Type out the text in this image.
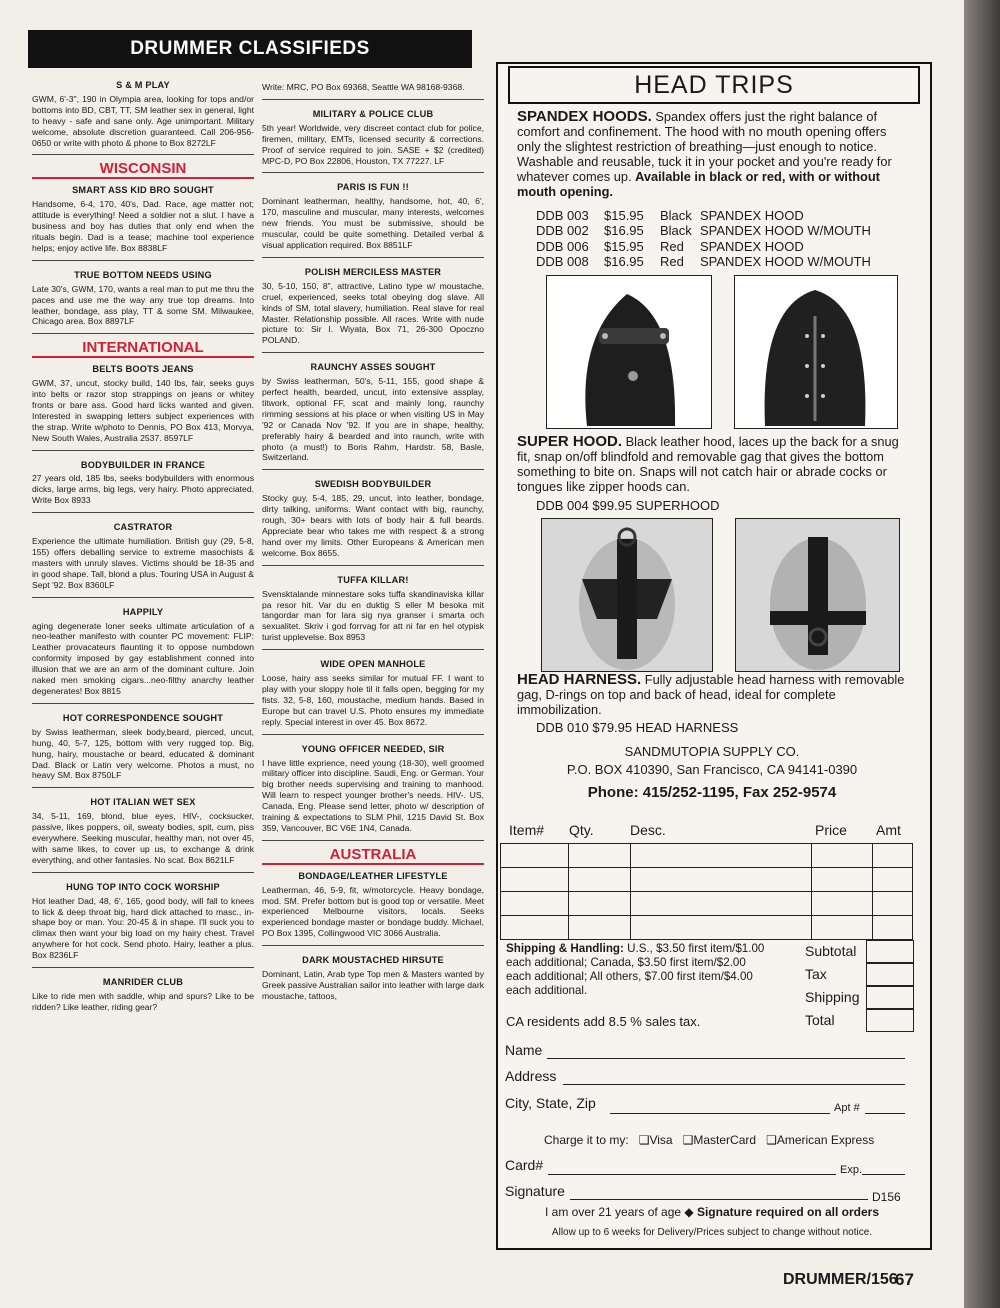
DRUMMER CLASSIFIEDS
S & M PLAY

GWM, 6'-3", 190 in Olympia area, looking for tops and/or bottoms into BD, CBT, TT, SM leather sex in general, light to heavy - safe and sane only. Age unimportant. Military welcome, absolute discretion guaranteed. Call 206-956-0650 or write with photo & phone to Box 8272LF

WISCONSIN
SMART ASS KID BRO SOUGHT

Handsome, 6-4, 170, 40's, Dad. Race, age matter not; attitude is everything! Need a soldier not a slut. I have a business and boy has duties that only end when the rituals begin. Dad is a tease; machine tool experience helps; enjoy active life. Box 8838LF

TRUE BOTTOM NEEDS USING

Late 30's, GWM, 170, wants a real man to put me thru the paces and use me the way any true top dreams. Into leather, bondage, ass play, TT & some SM. Milwaukee, Chicago area. Box 8897LF

INTERNATIONAL
BELTS BOOTS JEANS

GWM, 37, uncut, stocky build, 140 lbs, fair, seeks guys into belts or razor stop strappings on jeans or whitey fronts or bare ass. Good hard licks wanted and given. Interested in swapping letters subject experiences with the strap. Write w/photo to Dennis, PO Box 413, Morvya, New South Wales, Australia 2537. 8597LF

BODYBUILDER IN FRANCE

27 years old, 185 lbs, seeks bodybuilders with enormous dicks, large arms, big legs, very hairy. Photo appreciated. Write Box 8933

CASTRATOR

Experience the ultimate humiliation. British guy (29, 5-8, 155) offers deballing service to extreme masochists & masters with unruly slaves. Victims should be 18-35 and in good shape. Tall, blond a plus. Touring USA in August & Sept '92. Box 8360LF

HAPPILY

aging degenerate loner seeks ultimate articulation of a neo-leather manifesto with counter PC movement: FLIP: Leather provacateurs flaunting it to oppose numbdown conformity imposed by gay establishment conned into illusion that we are an arm of the dominant culture. Join naked men smoking cigars...neo-filthy anarchy leather degenerates! Box 8815

HOT CORRESPONDENCE SOUGHT

by Swiss leatherman, sleek body,beard, pierced, uncut, hung, 40, 5-7, 125, bottom with very rugged top. Big, hung, hairy, moustache or beard, educated & dominant Dad. Black or Latin very welcome. Photos a must, no heavy SM. Box 8750LF

HOT ITALIAN WET SEX

34, 5-11, 169, blond, blue eyes, HIV-, cocksucker, passive, likes poppers, oil, sweaty bodies, spit, cum, piss everywhere. Seeking muscular, healthy man, not over 45, with same likes, to cover up us, to exchange & drink everything, and other fantasies. No scat. Box 8621LF

HUNG TOP INTO COCK WORSHIP

Hot leather Dad, 48, 6', 165, good body, will fall to knees to lick & deep throat big, hard dick attached to masc., in-shape boy or man. You: 20-45 & in shape. I'll suck you to climax then want your big load on my hairy chest. Travel anywhere for hot cock. Send photo. Hairy, leather a plus. Box 8236LF

MANRIDER CLUB

Like to ride men with saddle, whip and spurs? Like to be ridden? Like leather, riding gear?

Write: MRC, PO Box 69368, Seattle WA 98168-9368.

MILITARY & POLICE CLUB

5th year! Worldwide, very discreet contact club for police, firemen, military, EMTs, licensed security & corrections. Proof of service required to join. SASE + $2 (credited) MPC-D, PO Box 22806, Houston, TX 77227. LF

PARIS IS FUN !!

Dominant leatherman, healthy, handsome, hot, 40, 6', 170, masculine and muscular, many interests, welcomes new friends. You must be submissive, should be muscular, could be quite something. Detailed verbal & visual application required. Box 8851LF

POLISH MERCILESS MASTER

30, 5-10, 150, 8", attractive, Latino type w/ moustache, cruel, experienced, seeks total obeying dog slave. All kinds of SM, total slavery, humiliation. Real slave for real Master. Relationship possible. All races. Write with nude picture to: Sir I. Wiyata, Box 71, 26-300 Opoczno POLAND.

RAUNCHY ASSES SOUGHT

by Swiss leatherman, 50's, 5-11, 155, good shape & perfect health, bearded, uncut, into extensive assplay, titwork, optional FF, scat and mainly long, raunchy rimming sessions at his place or when visiting US in May '92 or Canada Nov '92. If you are in shape, healthy, preferably hairy & bearded and into raunch, write with photo (a must!) to Boris Rahm, Hardstr. 58, Basle, Switzerland.

SWEDISH BODYBUILDER

Stocky guy, 5-4, 185, 29, uncut, into leather, bondage, dirty talking, uniforms. Want contact with big, raunchy, rough, 30+ bears with lots of body hair & full beards. Appreciate bear who takes me with respect & a strong hand over my limits. Other Europeans & American men welcome. Box 8655.

TUFFA KILLAR!

Svensktalande minnestare soks tuffa skandinaviska killar pa resor hit. Var du en duktig S eller M besoka mit tangordar man for lara sig nya granser i smarta och sexualitet. Skriv i god forrvag for att ni far en hel otypisk turist upplevelse. Box 8953

WIDE OPEN MANHOLE

Loose, hairy ass seeks similar for mutual FF. I want to play with your sloppy hole til it falls open, begging for my fists. 32, 5-8, 160, moustache, medium hands. Based in Europe but can travel U.S. Photo ensures my immediate reply. Special interest in over 45. Box 8672.

YOUNG OFFICER NEEDED, SIR

I have little exprience, need young (18-30), well groomed military officer into discipline. Saudi, Eng. or German. Your big brother needs supervising and training to manhood. Will learn to respect younger brother's needs. HIV-. US, Canada, Eng. Please send letter, photo w/ description of training & expectations to SLM Phil, 1215 David St. Box 359, Vancouver, BC V6E 1N4, Canada.

AUSTRALIA
BONDAGE/LEATHER LIFESTYLE

Leatherman, 46, 5-9, fit, w/motorcycle. Heavy bondage, mod. SM. Prefer bottom but is good top or versatile. Meet experienced Melbourne visitors, locals. Seeks experienced bondage master or bondage buddy. Michael, PO Box 1395, Collingwood VIC 3066 Australia.

DARK MOUSTACHED HIRSUTE

Dominant, Latin, Arab type Top men & Masters wanted by Greek passive Australian sailor into leather with large dark moustache, tattoos,

HEAD TRIPS
SPANDEX HOODS. Spandex offers just the right balance of comfort and confinement. The hood with no mouth opening offers only the slightest restriction of breathing—just enough to notice. Washable and reusable, tuck it in your pocket and you're ready for whatever comes up. Available in black or red, with or without mouth opening.
DDB 003	$15.95	Black SPANDEX HOOD
DDB 002	$16.95	Black SPANDEX HOOD W/MOUTH
DDB 006	$15.95	Red	SPANDEX HOOD
DDB 008	$16.95	Red	SPANDEX HOOD W/MOUTH
SUPER HOOD. Black leather hood, laces up the back for a snug fit, snap on/off blindfold and removable gag that gives the bottom something to bite on. Snaps will not catch hair or abrade cocks or tongues like zipper hoods can.
DDB 004 $99.95 SUPERHOOD
HEAD HARNESS. Fully adjustable head harness with removable gag, D-rings on top and back of head, ideal for complete immobilization.
DDB 010 $79.95 HEAD HARNESS
SANDMUTOPIA SUPPLY CO.
P.O. BOX 410390, San Francisco, CA 94141-0390
Phone: 415/252-1195, Fax 252-9574
Item# Qty.	Desc.	Price Amt

Shipping & Handling: U.S., $3.50 first item/$1.00 each additional; Canada, $3.50 first item/$2.00 each additional; All others, $7.00 first item/$4.00 each additional.
CA residents add 8.5 % sales tax.
Subtotal
Tax
Shipping
Total
Name
Address
City, State, Zip	Apt #
Charge it to my: ❑Visa ❑MasterCard ❑American Express
Card#	Exp.
Signature	D156
I am over 21 years of age ◆ Signature required on all orders
Allow up to 6 weeks for Delivery/Prices subject to change without notice.
DRUMMER/156
67
